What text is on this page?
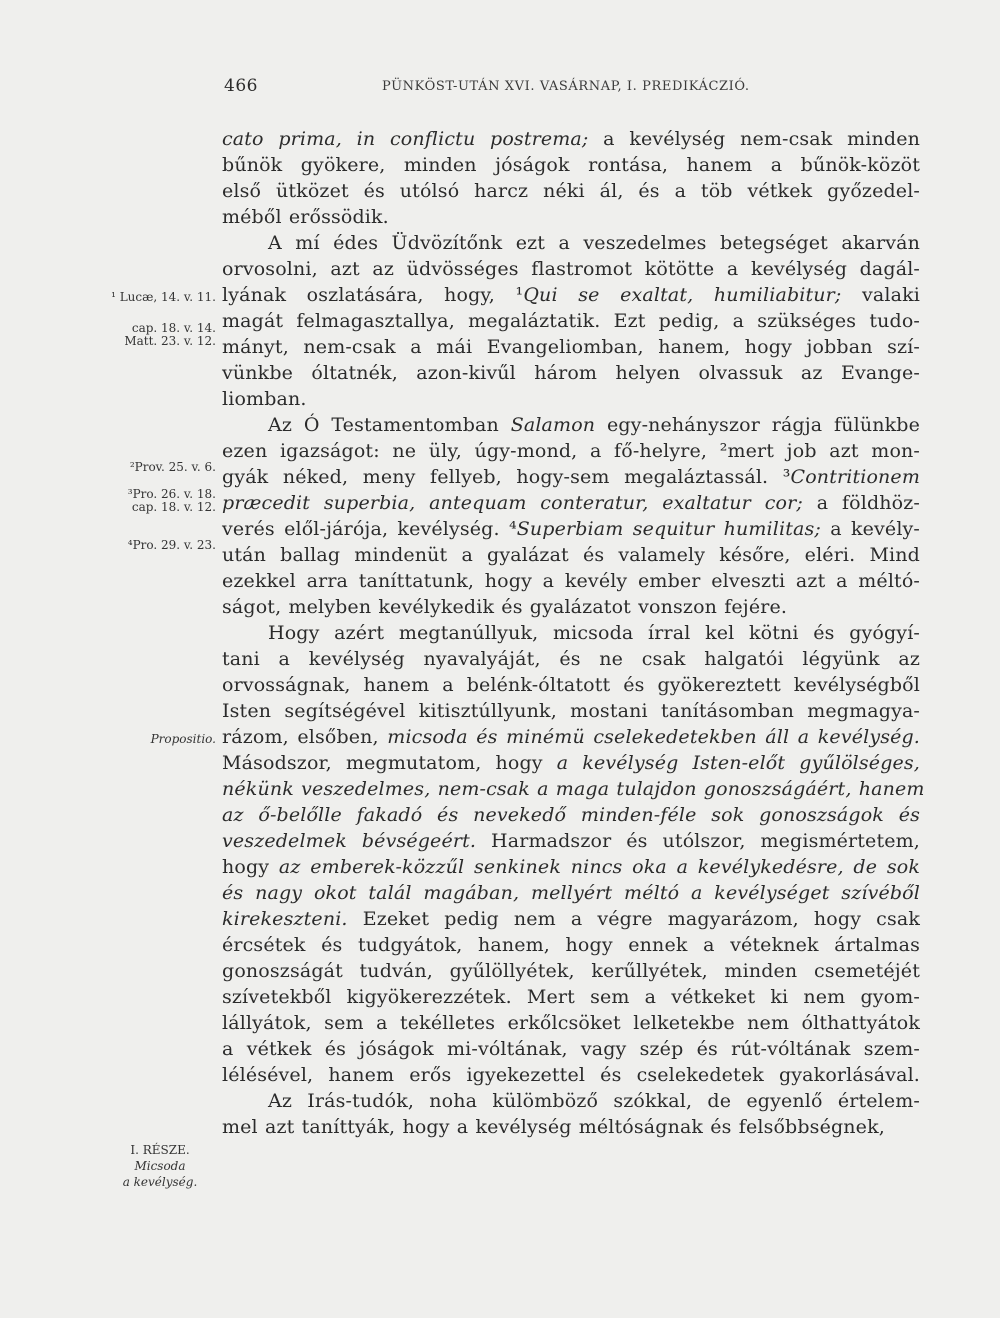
466	PÜNKÖST-UTÁN XVI. VASÁRNAP, I. PREDIKÁCZIÓ.
cato prima, in conflictu postrema; a kevélység nem-csak minden
bűnök gyökere, minden jóságok rontása, hanem a bűnök-közöt
első ütközet és utólsó harcz néki ál, és a töb vétkek győzedel-
méből erőssödik.
A mí édes Üdvözítőnk ezt a veszedelmes betegséget akarván
orvosolni, azt az üdvösséges flastromot kötötte a kevélység dagál-
lyának oszlatására, hogy, ¹Qui se exaltat, humiliabitur; valaki
magát felmagasztallya, megaláztatik. Ezt pedig, a szükséges tudo-
mányt, nem-csak a mái Evangeliomban, hanem, hogy jobban szí-
vünkbe óltatnék, azon-kivűl három helyen olvassuk az Evange-
liomban.
Az Ó Testamentomban Salamon egy-nehányszor rágja fülünkbe
ezen igazságot: ne üly, úgy-mond, a fő-helyre, ²mert job azt mon-
gyák néked, meny fellyeb, hogy-sem megaláztassál. ³Contritionem
præcedit superbia, antequam conteratur, exaltatur cor; a földhöz-
verés elől-járója, kevélység. ⁴Superbiam sequitur humilitas; a kevély-
után ballag mindenüt a gyalázat és valamely későre, eléri. Mind
ezekkel arra taníttatunk, hogy a kevély ember elveszti azt a méltó-
ságot, melyben kevélykedik és gyalázatot vonszon fejére.
Hogy azért megtanúllyuk, micsoda írral kel kötni és gyógyí-
tani a kevélység nyavalyáját, és ne csak halgatói légyünk az
orvosságnak, hanem a belénk-óltatott és gyökereztett kevélységből
Isten segítségével kitisztúllyunk, mostani tanításomban megmagya-
rázom, elsőben, micsoda és minémü cselekedetekben áll a kevélység.
Másodszor, megmutatom, hogy a kevélység Isten-előt gyűlölséges,
nékünk veszedelmes, nem-csak a maga tulajdon gonoszságáért, hanem
az ő-belőlle fakadó és nevekedő minden-féle sok gonoszságok és
veszedelmek bévségeért. Harmadszor és utólszor, megismértetem,
hogy az emberek-közzűl senkinek nincs oka a kevélykedésre, de sok
és nagy okot talál magában, mellyért méltó a kevélységet szívéből
kirekeszteni. Ezeket pedig nem a végre magyarázom, hogy csak
ércsétek és tudgyátok, hanem, hogy ennek a véteknek ártalmas
gonoszságát tudván, gyűlöllyétek, kerűllyétek, minden csemetéjét
szívetekből kigyökerezzétek. Mert sem a vétkeket ki nem gyom-
lállyátok, sem a tekélletes erkőlcsöket lelketekbe nem ólthattyátok
a vétkek és jóságok mi-vóltának, vagy szép és rút-vóltának szem-
lélésével, hanem erős igyekezettel és cselekedetek gyakorlásával.
Az Irás-tudók, noha külömböző szókkal, de egyenlő értelem-
mel azt taníttyák, hogy a kevélység méltóságnak és felsőbbségnek,
¹ Lucæ, 14. v. 11.
cap. 18. v. 14.
Matt. 23. v. 12.
²Prov. 25. v. 6.
³Pro. 26. v. 18.
cap. 18. v. 12.
⁴Pro. 29. v. 23.
Propositio.
I. RÉSZE.
Micsoda
a kevélység.
